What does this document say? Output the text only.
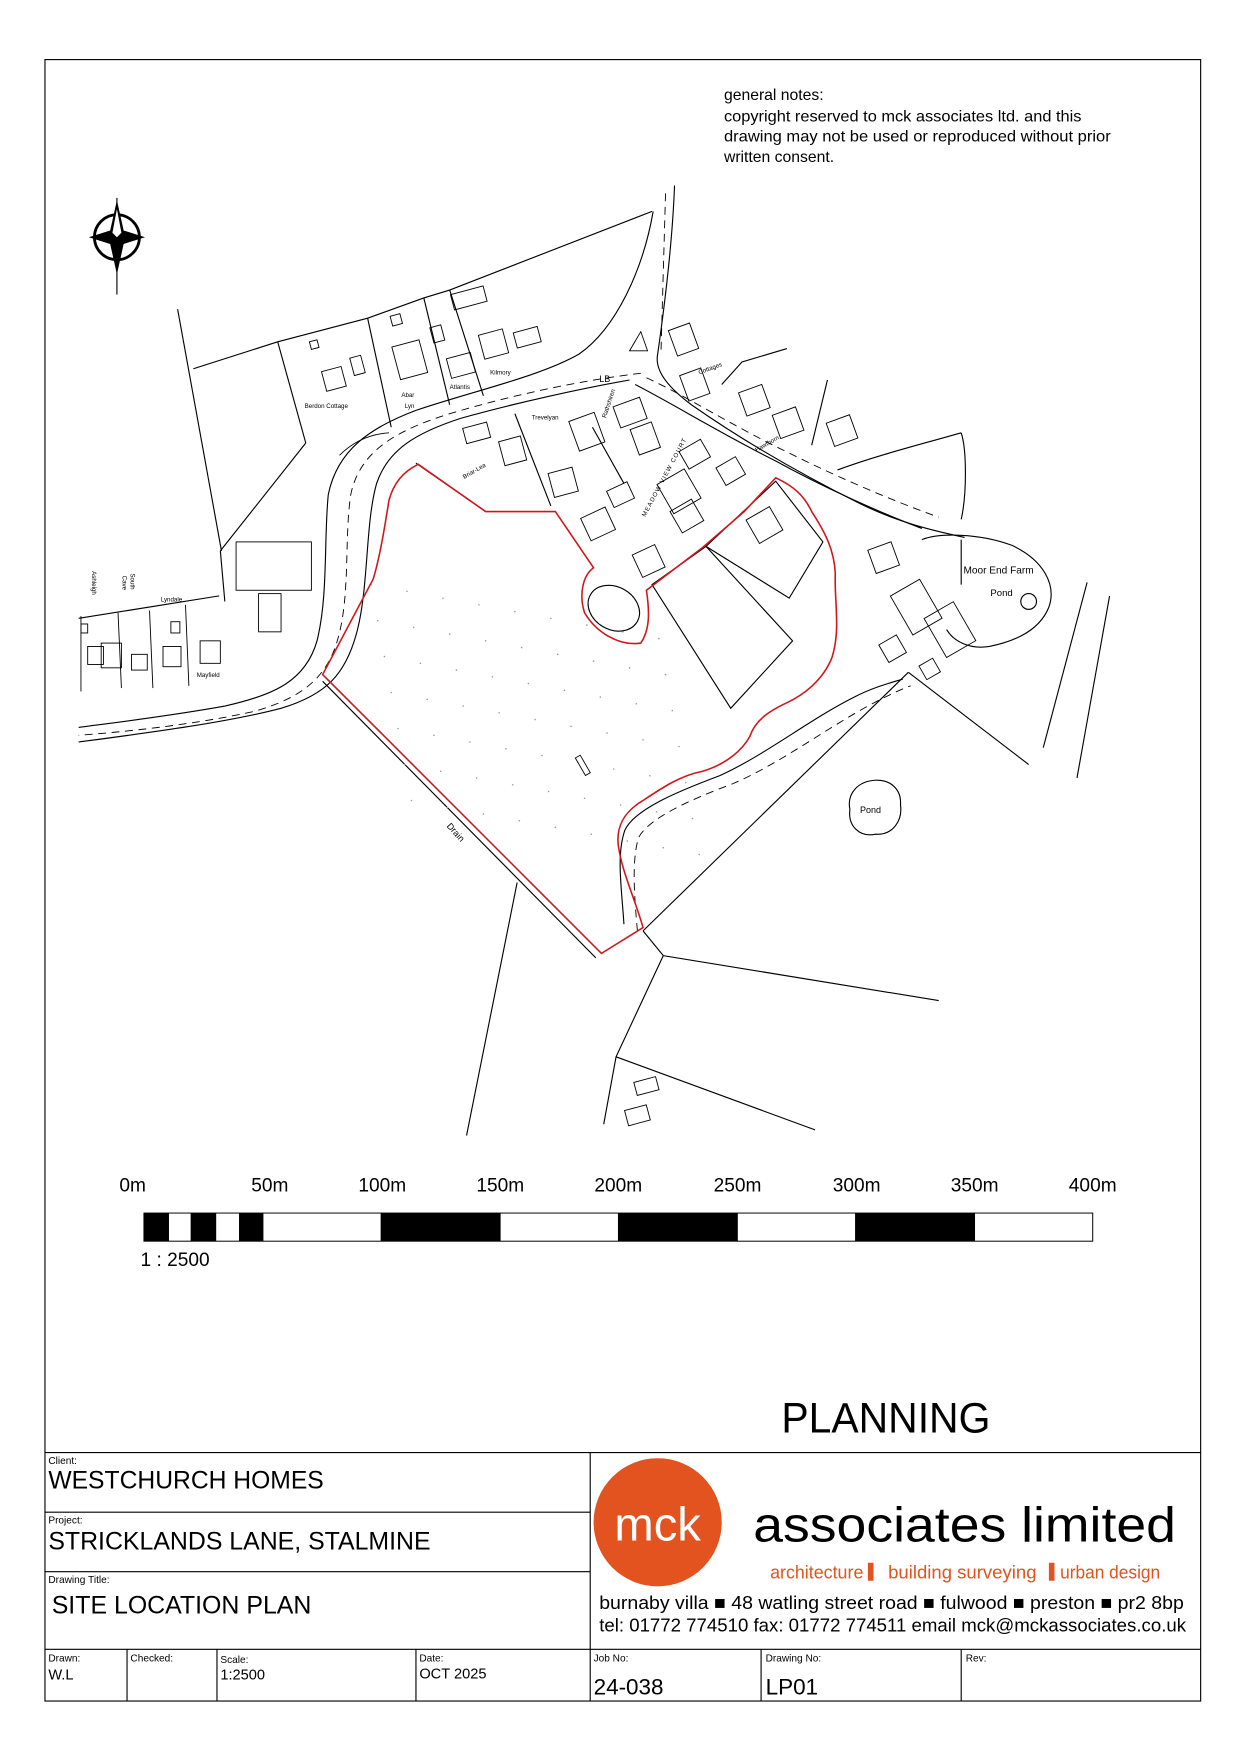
general notes:
copyright reserved to mck associates ltd. and this
drawing may not be used or reproduced without prior
written consent.
N
Berdon Cottage
Abar
Lyn
Atlantis
Kilmory
Trevelyan	Rathshiren
LB
Cottages
Hawthorn
Briar-Lea	MEADOW VIEW COURT
Lyndale
South
Cave
Ashleigh
Mayfield
Drain
Moor End Farm
Pond
Pond
0m	50m	100m	150m	200m	250m	300m	350m	400m
1 : 2500
PLANNING
Client:
WESTCHURCH HOMES
Project:
STRICKLANDS LANE, STALMINE
Drawing Title:
SITE LOCATION PLAN
Drawn:
W.L
Checked:	Scale:
1:2500
Date:
OCT 2025
Job No:
24-038
Drawing No:
LP01
Rev:
mck associates limited
architecture building surveying urban design
burnaby villa ■ 48 watling street road ■ fulwood ■ preston ■ pr2 8bp
tel: 01772 774510 fax: 01772 774511 email mck@mckassociates.co.uk
